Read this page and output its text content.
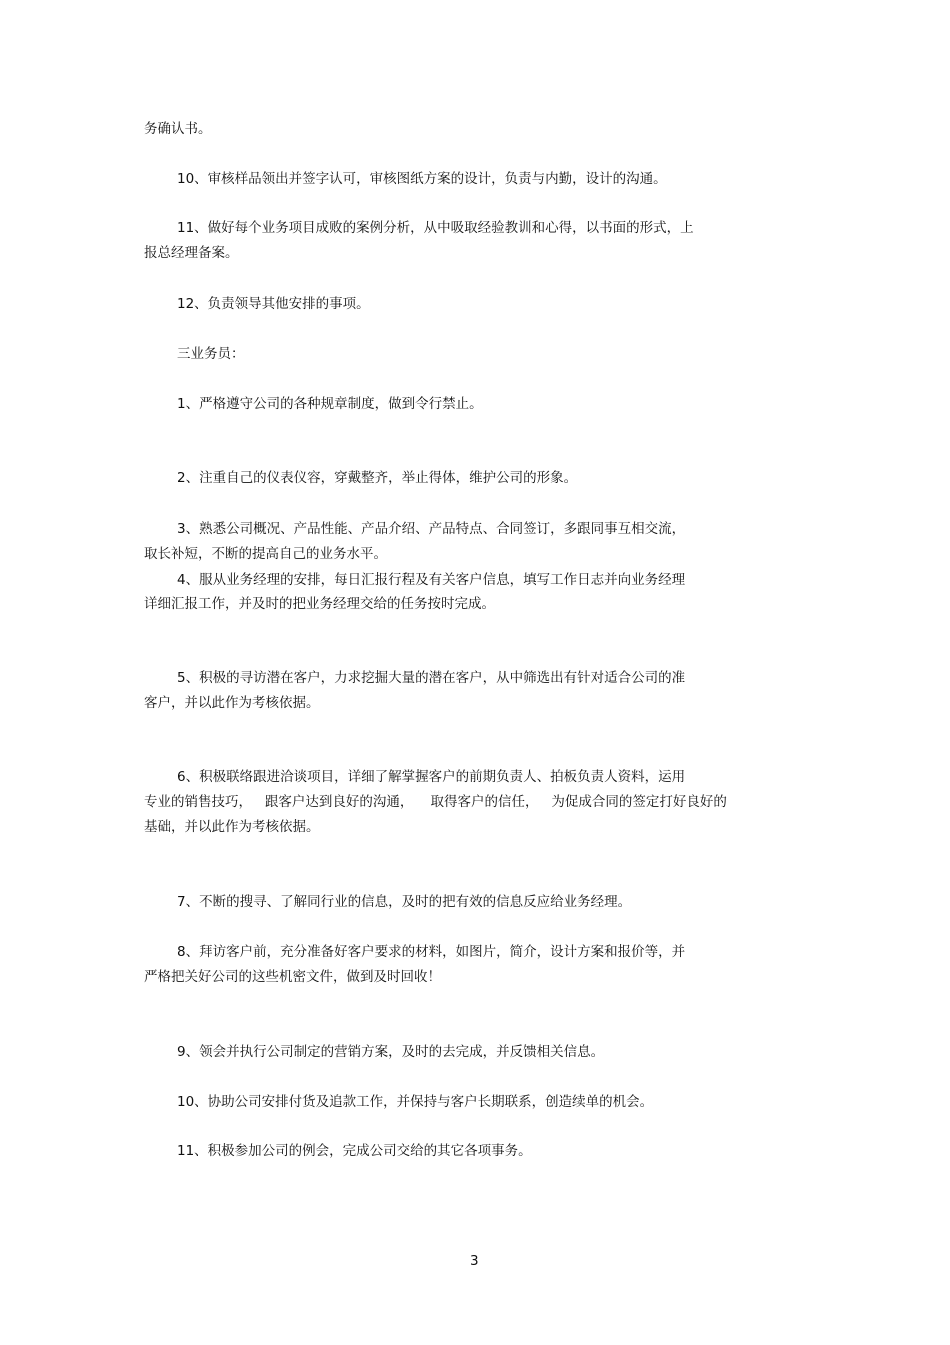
务确认书。
10、审核样品领出并签字认可，审核图纸方案的设计，负责与内勤，设计的沟通。
11、做好每个业务项目成败的案例分析，从中吸取经验教训和心得，以书面的形式，上
报总经理备案。
12、负责领导其他安排的事项。
三业务员：
1、严格遵守公司的各种规章制度，做到令行禁止。
2、注重自己的仪表仪容，穿戴整齐，举止得体，维护公司的形象。
3、熟悉公司概况、产品性能、产品介绍、产品特点、合同签订，多跟同事互相交流，
取长补短，不断的提高自己的业务水平。
4、服从业务经理的安排，每日汇报行程及有关客户信息，填写工作日志并向业务经理
详细汇报工作，并及时的把业务经理交给的任务按时完成。
5、积极的寻访潜在客户，力求挖掘大量的潜在客户，从中筛选出有针对适合公司的准
客户，并以此作为考核依据。
6、积极联络跟进洽谈项目，详细了解掌握客户的前期负责人、拍板负责人资料，运用
专业的销售技巧，   跟客户达到良好的沟通，    取得客户的信任，   为促成合同的签定打好良好的
基础，并以此作为考核依据。
7、不断的搜寻、了解同行业的信息，及时的把有效的信息反应给业务经理。
8、拜访客户前，充分准备好客户要求的材料，如图片，简介，设计方案和报价等，并
严格把关好公司的这些机密文件，做到及时回收！
9、领会并执行公司制定的营销方案，及时的去完成，并反馈相关信息。
10、协助公司安排付货及追款工作，并保持与客户长期联系，创造续单的机会。
11、积极参加公司的例会，完成公司交给的其它各项事务。
3
